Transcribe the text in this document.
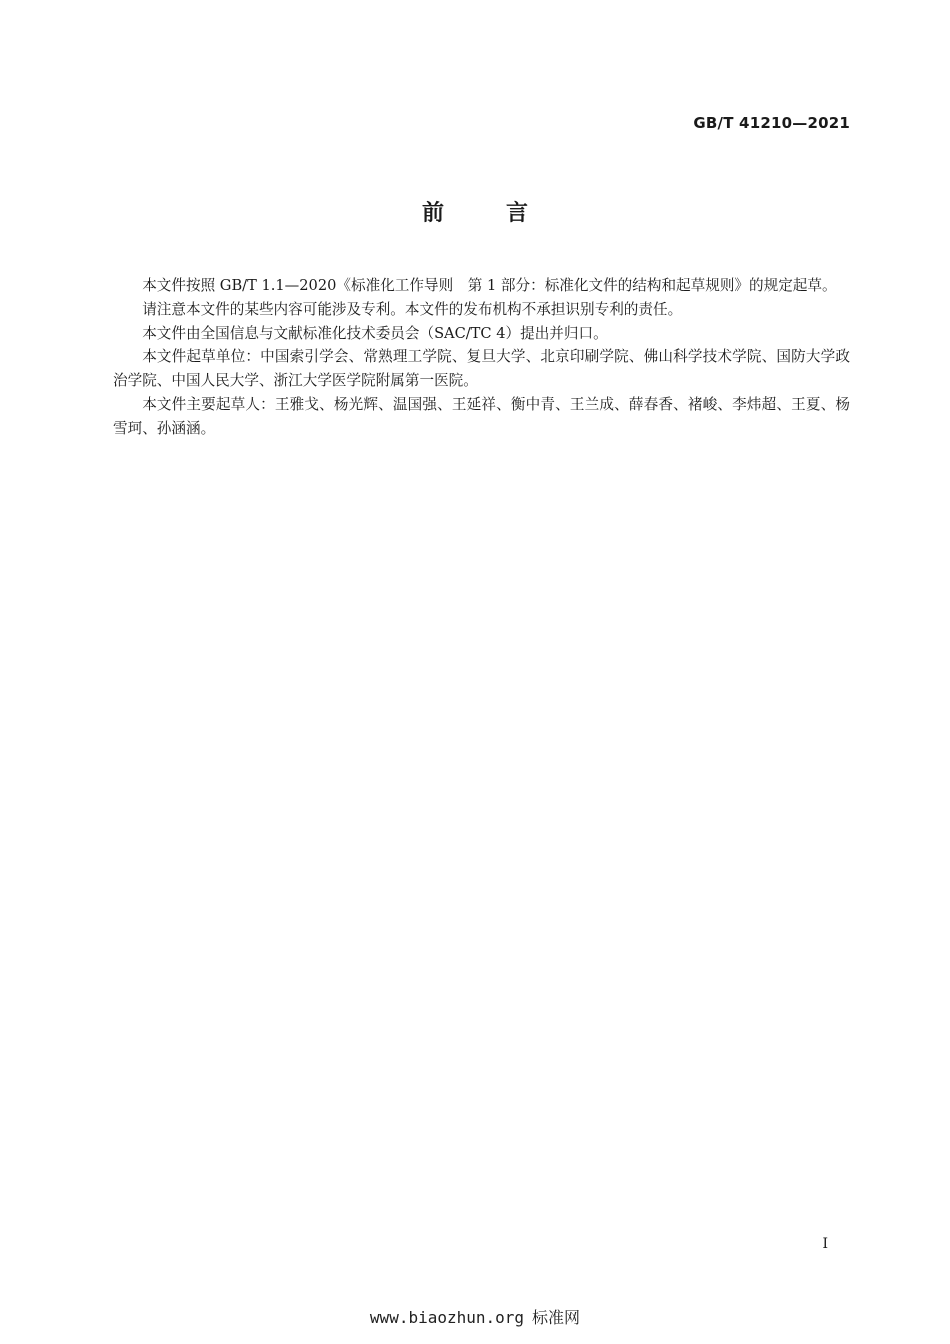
GB/T 41210—2021
前言

本文件按照 GB/T 1.1—2020《标准化工作导则　第 1 部分：标准化文件的结构和起草规则》的规定起草。

请注意本文件的某些内容可能涉及专利。本文件的发布机构不承担识别专利的责任。

本文件由全国信息与文献标准化技术委员会（SAC/TC 4）提出并归口。

本文件起草单位：中国索引学会、常熟理工学院、复旦大学、北京印刷学院、佛山科学技术学院、国防大学政治学院、中国人民大学、浙江大学医学院附属第一医院。

本文件主要起草人：王雅戈、杨光辉、温国强、王延祥、衡中青、王兰成、薛春香、褚峻、李炜超、王夏、杨雪珂、孙涵涵。

I
www.biaozhun.org 标准网
